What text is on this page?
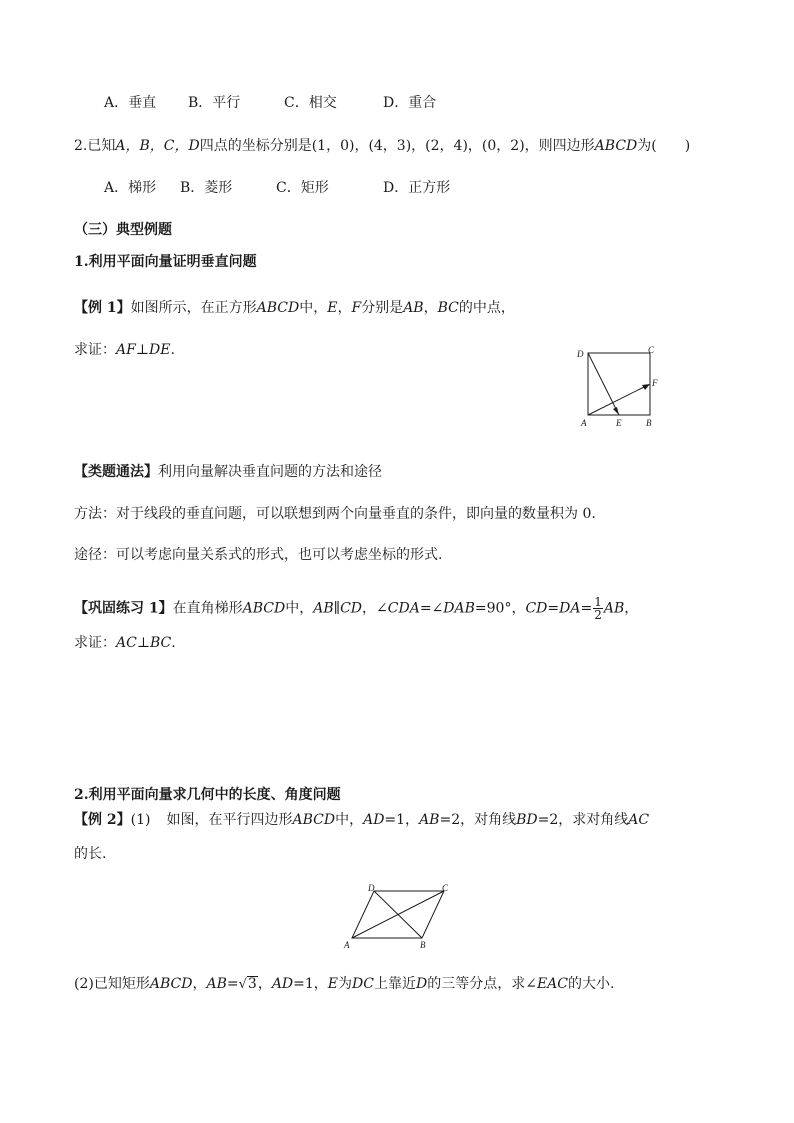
A．垂直 B．平行	C．相交	D．重合
2.已知A，B，C，D四点的坐标分别是(1，0)，(4，3)，(2，4)，(0，2)，则四边形ABCD为(　　)
A．梯形 B．菱形	C．矩形	D．正方形
（三）典型例题
1.利用平面向量证明垂直问题
【例 1】如图所示，在正方形ABCD中，E，F分别是AB，BC的中点，
求证：AF⊥DE.	D	C
F
A	E	B
【类题通法】利用向量解决垂直问题的方法和途径
方法：对于线段的垂直问题，可以联想到两个向量垂直的条件，即向量的数量积为 0.
途径：可以考虑向量关系式的形式，也可以考虑坐标的形式.
【巩固练习 1】在直角梯形ABCD中，AB∥CD，∠CDA=∠DAB=90°，$CD=DA= \frac{1}{2}$ AB，
求证：AC⊥BC.
2.利用平面向量求几何中的长度、角度问题
【例 2】(1) 如图，在平行四边形ABCD中，AD=1，AB=2，对角线BD=2，求对角线AC
的长.
D	C
A	B
(2)已知矩形ABCD，AB=√3，AD=1，E为DC上靠近D的三等分点，求∠EAC的大小.
